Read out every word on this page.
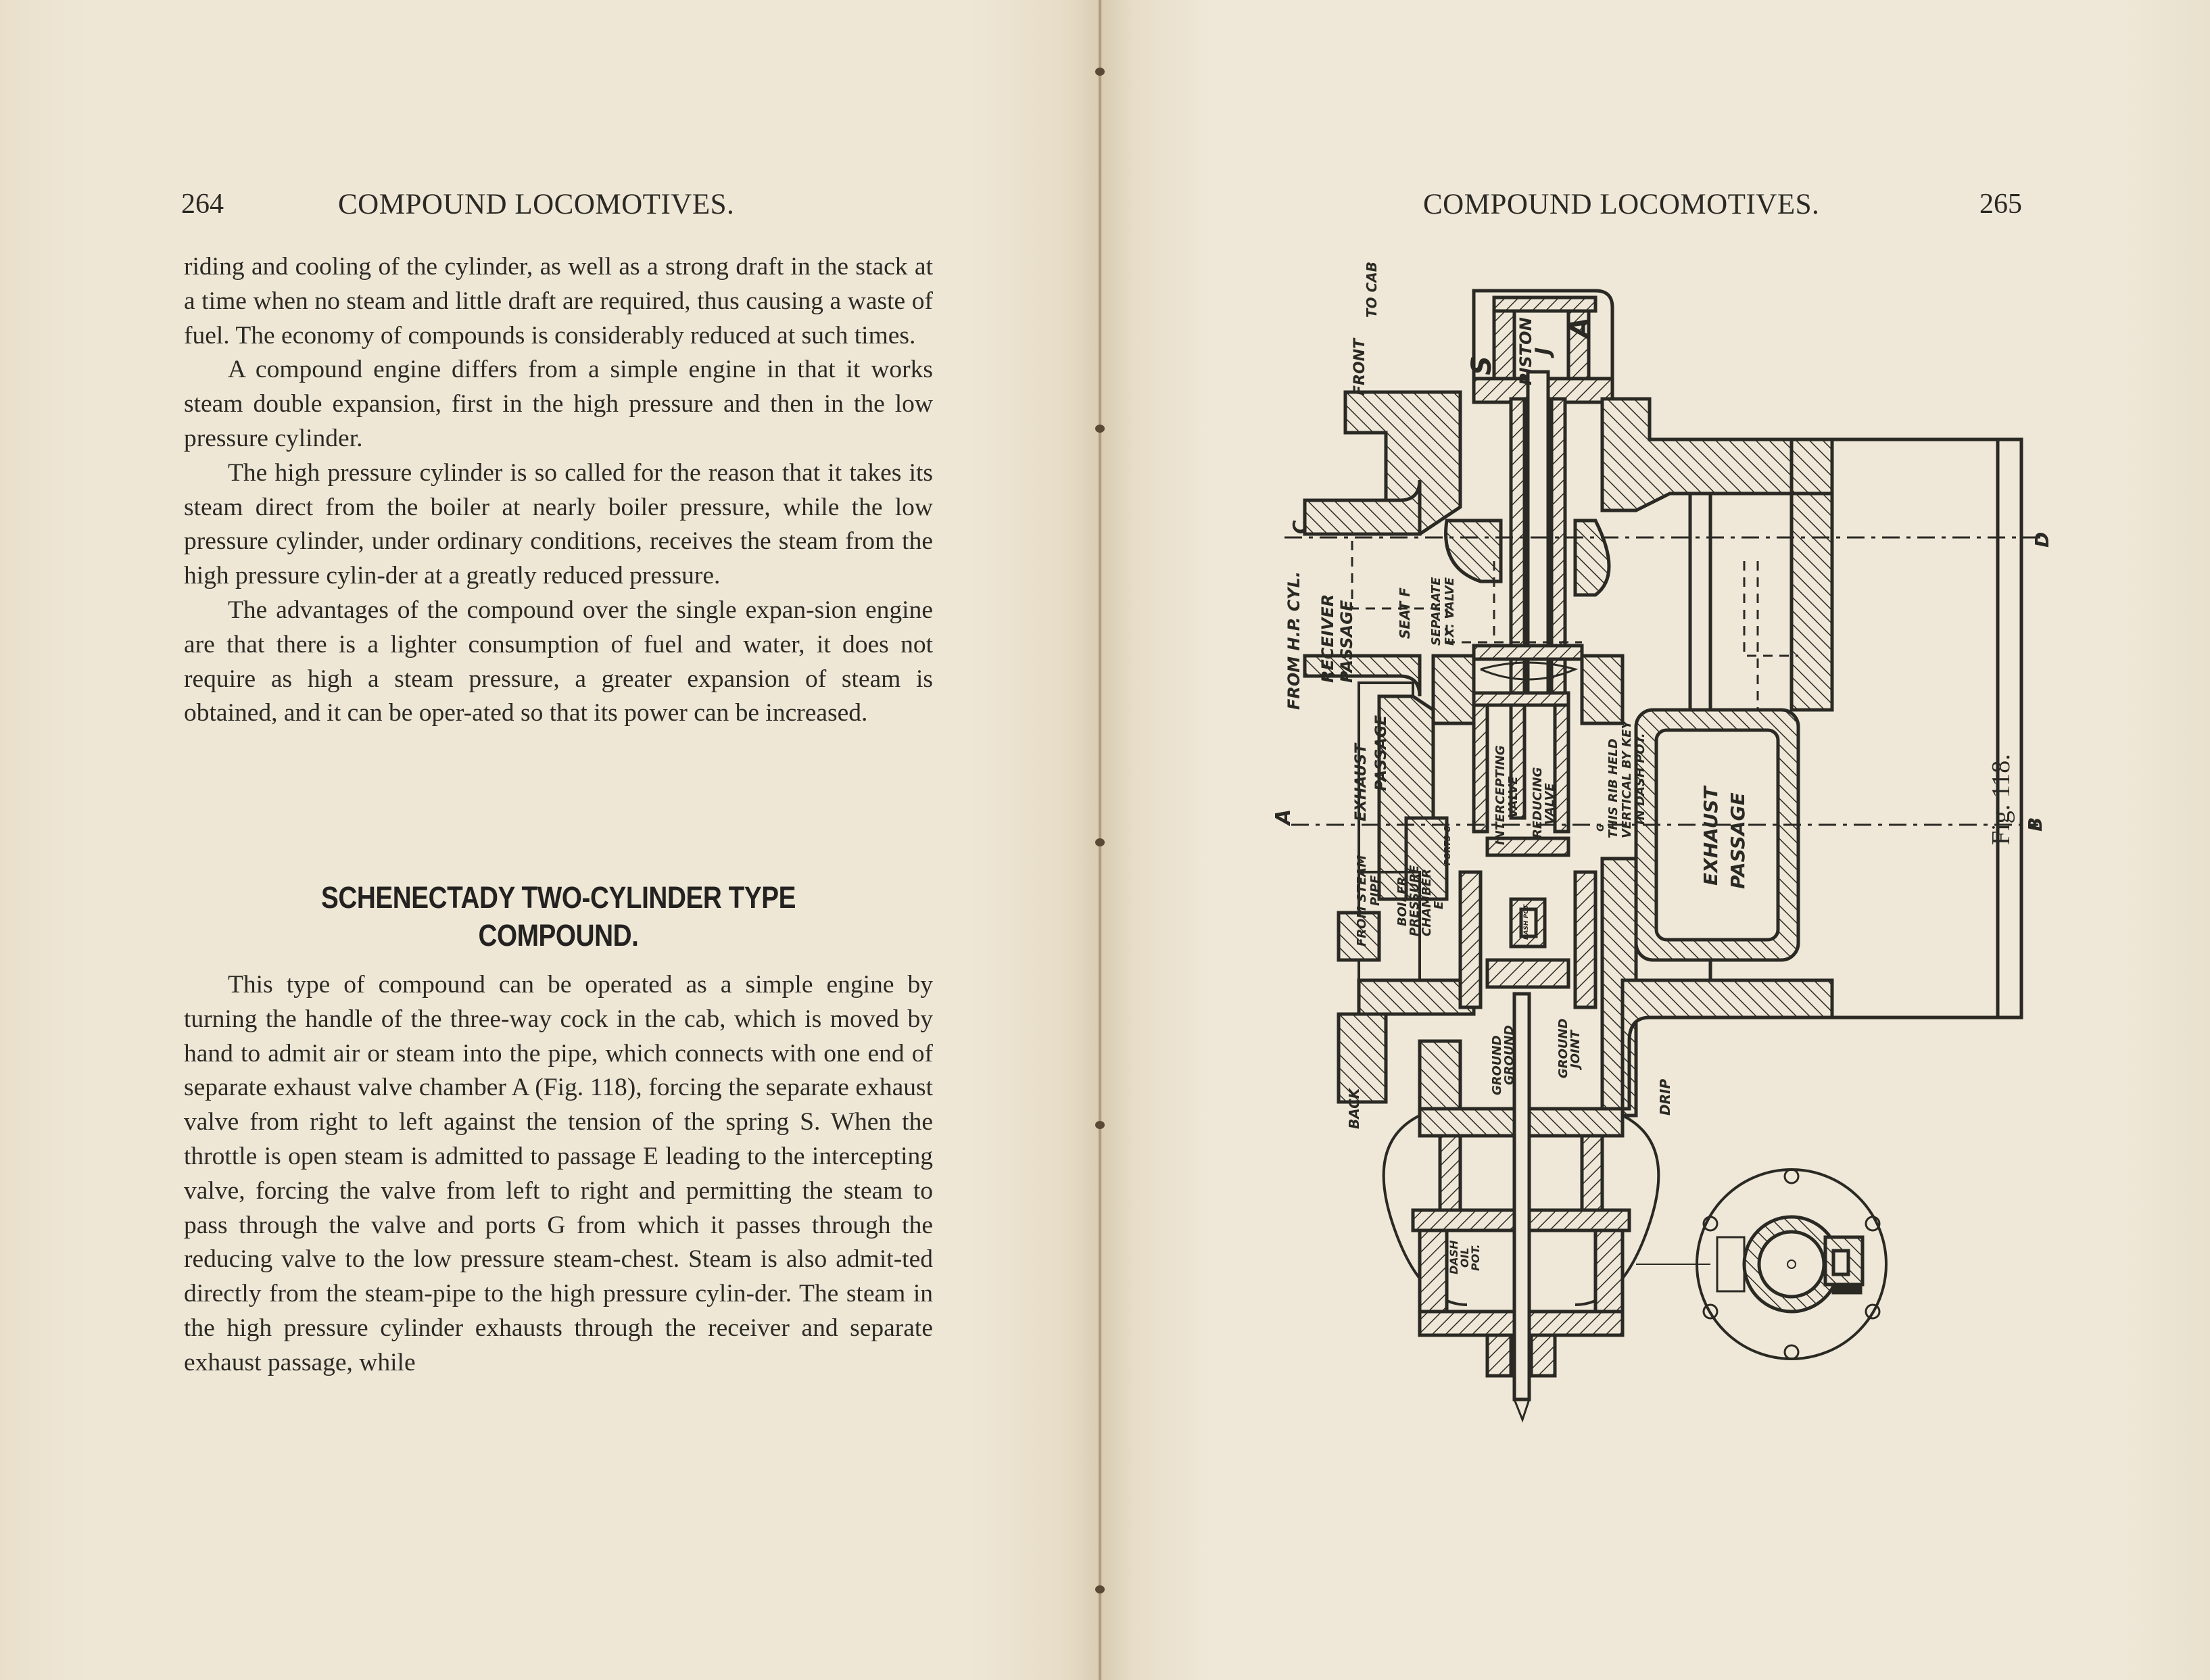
264	COMPOUND LOCOMOTIVES.

riding and cooling of the cylinder, as well as a strong draft in the stack at a time when no steam and little draft are required, thus causing a waste of fuel. The economy of compounds is considerably reduced at such times.

A compound engine differs from a simple engine in that it works steam double expansion, first in the high pressure and then in the low pressure cylinder.

The high pressure cylinder is so called for the reason that it takes its steam direct from the boiler at nearly boiler pressure, while the low pressure cylinder, under ordinary conditions, receives the steam from the high pressure cylin-der at a greatly reduced pressure.

The advantages of the compound over the single expan-sion engine are that there is a lighter consumption of fuel and water, it does not require as high a steam pressure, a greater expansion of steam is obtained, and it can be oper-ated so that its power can be increased.

SCHENECTADY TWO-CYLINDER TYPE
COMPOUND.

This type of compound can be operated as a simple engine by turning the handle of the three-way cock in the cab, which is moved by hand to admit air or steam into the pipe, which connects with one end of separate exhaust valve chamber A (Fig. 118), forcing the separate exhaust valve from right to left against the tension of the spring S. When the throttle is open steam is admitted to passage E leading to the intercepting valve, forcing the valve from left to right and permitting the steam to pass through the valve and ports G from which it passes through the reducing valve to the low pressure steam-chest. Steam is also admit-ted directly from the steam-pipe to the high pressure cylin-der. The steam in the high pressure cylinder exhausts through the receiver and separate exhaust passage, while

COMPOUND LOCOMOTIVES.	265
TO CAB
FRONT	S PISTON
J
A
FROM H.P. CYL. RECEIVER PASSAGE
C
D
SEAT F SEPARATE EX. VALVE
EXHAUST PASSAGE	THIS RIB HELD VERTICAL BY KEY IN DASH POT.
EXHAUST PASSAGE
A	B
FROM STEAM PIPE BOILER
PRESSURE
CHAMBER
E
PORTS G
INTERCEPTING
VALVE REDUCING
VALVE
G
DASH POT
GROUND
GROUND	GROUND
JOINT
BACK	DRIP
DASH
OIL
POT.
Fig. 118.
